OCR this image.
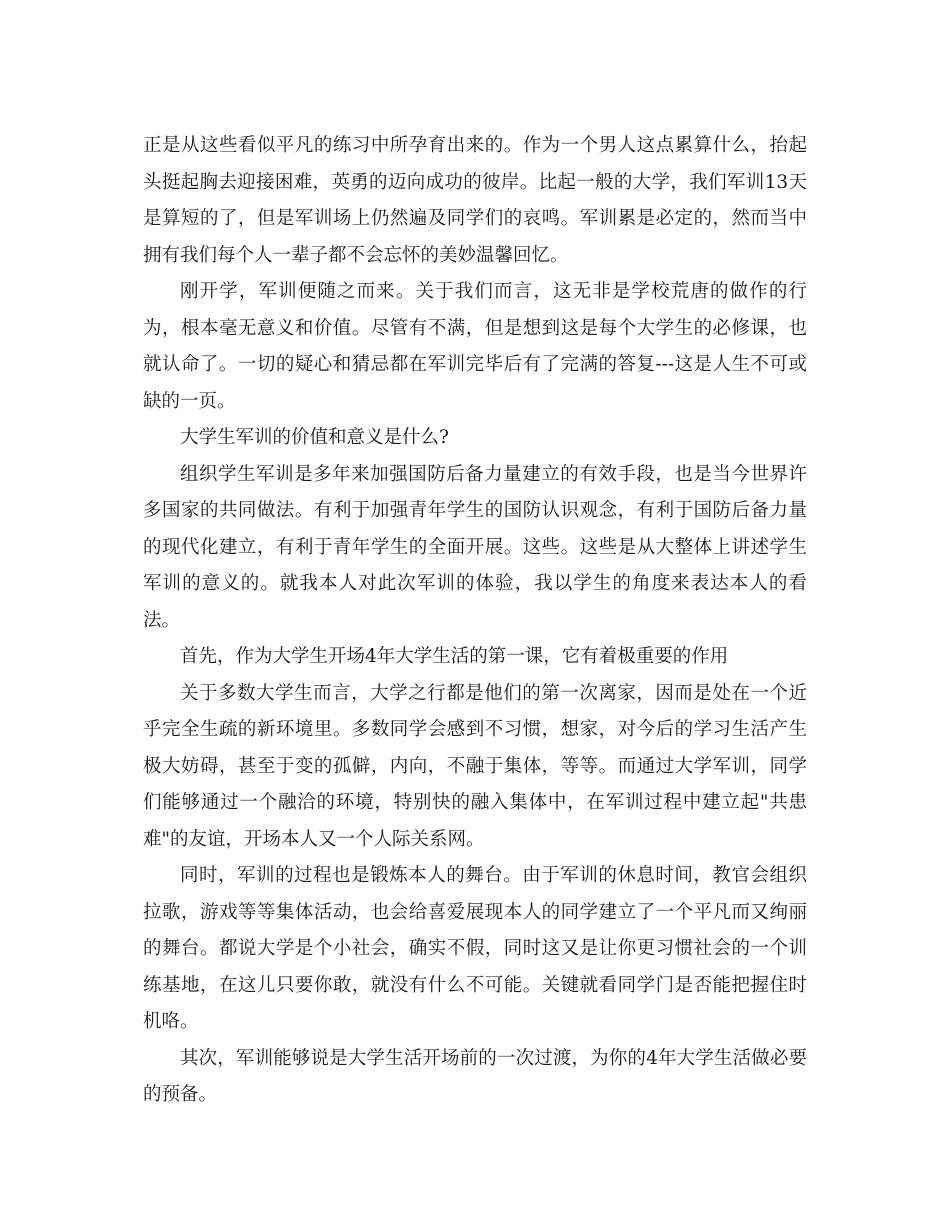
正是从这些看似平凡的练习中所孕育出来的。作为一个男人这点累算什么，抬起头挺起胸去迎接困难，英勇的迈向成功的彼岸。比起一般的大学，我们军训13天是算短的了，但是军训场上仍然遍及同学们的哀鸣。军训累是必定的，然而当中拥有我们每个人一辈子都不会忘怀的美妙温馨回忆。

刚开学，军训便随之而来。关于我们而言，这无非是学校荒唐的做作的行为，根本毫无意义和价值。尽管有不满，但是想到这是每个大学生的必修课，也就认命了。一切的疑心和猜忌都在军训完毕后有了完满的答复---这是人生不可或缺的一页。

大学生军训的价值和意义是什么?

组织学生军训是多年来加强国防后备力量建立的有效手段，也是当今世界许多国家的共同做法。有利于加强青年学生的国防认识观念，有利于国防后备力量的现代化建立，有利于青年学生的全面开展。这些。这些是从大整体上讲述学生军训的意义的。就我本人对此次军训的体验，我以学生的角度来表达本人的看法。

首先，作为大学生开场4年大学生活的第一课，它有着极重要的作用

关于多数大学生而言，大学之行都是他们的第一次离家，因而是处在一个近乎完全生疏的新环境里。多数同学会感到不习惯，想家，对今后的学习生活产生极大妨碍，甚至于变的孤僻，内向，不融于集体，等等。而通过大学军训，同学们能够通过一个融洽的环境，特别快的融入集体中，在军训过程中建立起"共患难"的友谊，开场本人又一个人际关系网。

同时，军训的过程也是锻炼本人的舞台。由于军训的休息时间，教官会组织拉歌，游戏等等集体活动，也会给喜爱展现本人的同学建立了一个平凡而又绚丽的舞台。都说大学是个小社会，确实不假，同时这又是让你更习惯社会的一个训练基地，在这儿只要你敢，就没有什么不可能。关键就看同学门是否能把握住时机咯。

其次，军训能够说是大学生活开场前的一次过渡，为你的4年大学生活做必要的预备。
